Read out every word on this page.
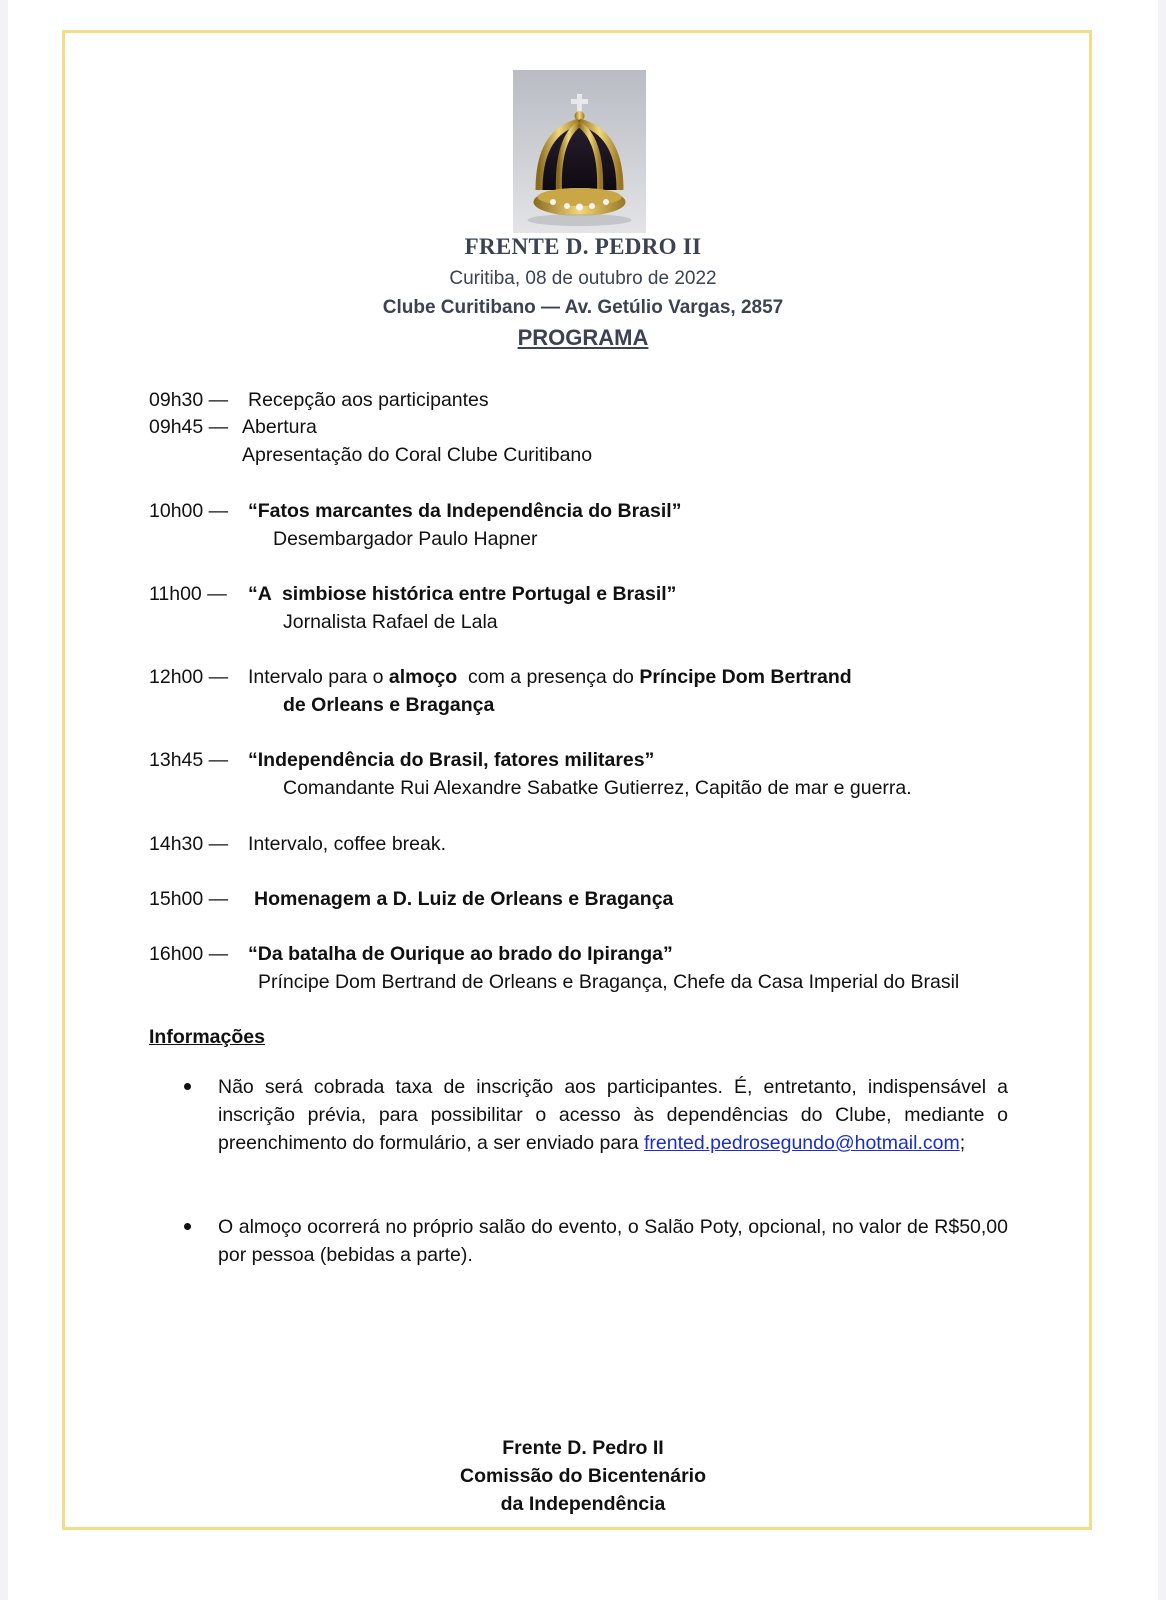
FRENTE D. PEDRO II
Curitiba, 08 de outubro de 2022
Clube Curitibano — Av. Getúlio Vargas, 2857
PROGRAMA
09h30 — Recepção aos participantes
09h45 — Abertura
Apresentação do Coral Clube Curitibano
10h00 — “Fatos marcantes da Independência do Brasil”
Desembargador Paulo Hapner
11h00 — “A  simbiose histórica entre Portugal e Brasil”
Jornalista Rafael de Lala
12h00 — Intervalo para o almoço  com a presença do Príncipe Dom Bertrand
de Orleans e Bragança
13h45 — “Independência do Brasil, fatores militares”
Comandante Rui Alexandre Sabatke Gutierrez, Capitão de mar e guerra.
14h30 — Intervalo, coffee break.
15h00 — Homenagem a D. Luiz de Orleans e Bragança
16h00 — “Da batalha de Ourique ao brado do Ipiranga”
Príncipe Dom Bertrand de Orleans e Bragança, Chefe da Casa Imperial do Brasil
Informações
Não será cobrada taxa de inscrição aos participantes. É, entretanto, indispensável a inscrição prévia, para possibilitar o acesso às dependências do Clube, mediante o preenchimento do formulário, a ser enviado para frented.pedrosegundo@hotmail.com;
O almoço ocorrerá no próprio salão do evento, o Salão Poty, opcional, no valor de R$50,00 por pessoa (bebidas a parte).
Frente D. Pedro II
Comissão do Bicentenário
da Independência
